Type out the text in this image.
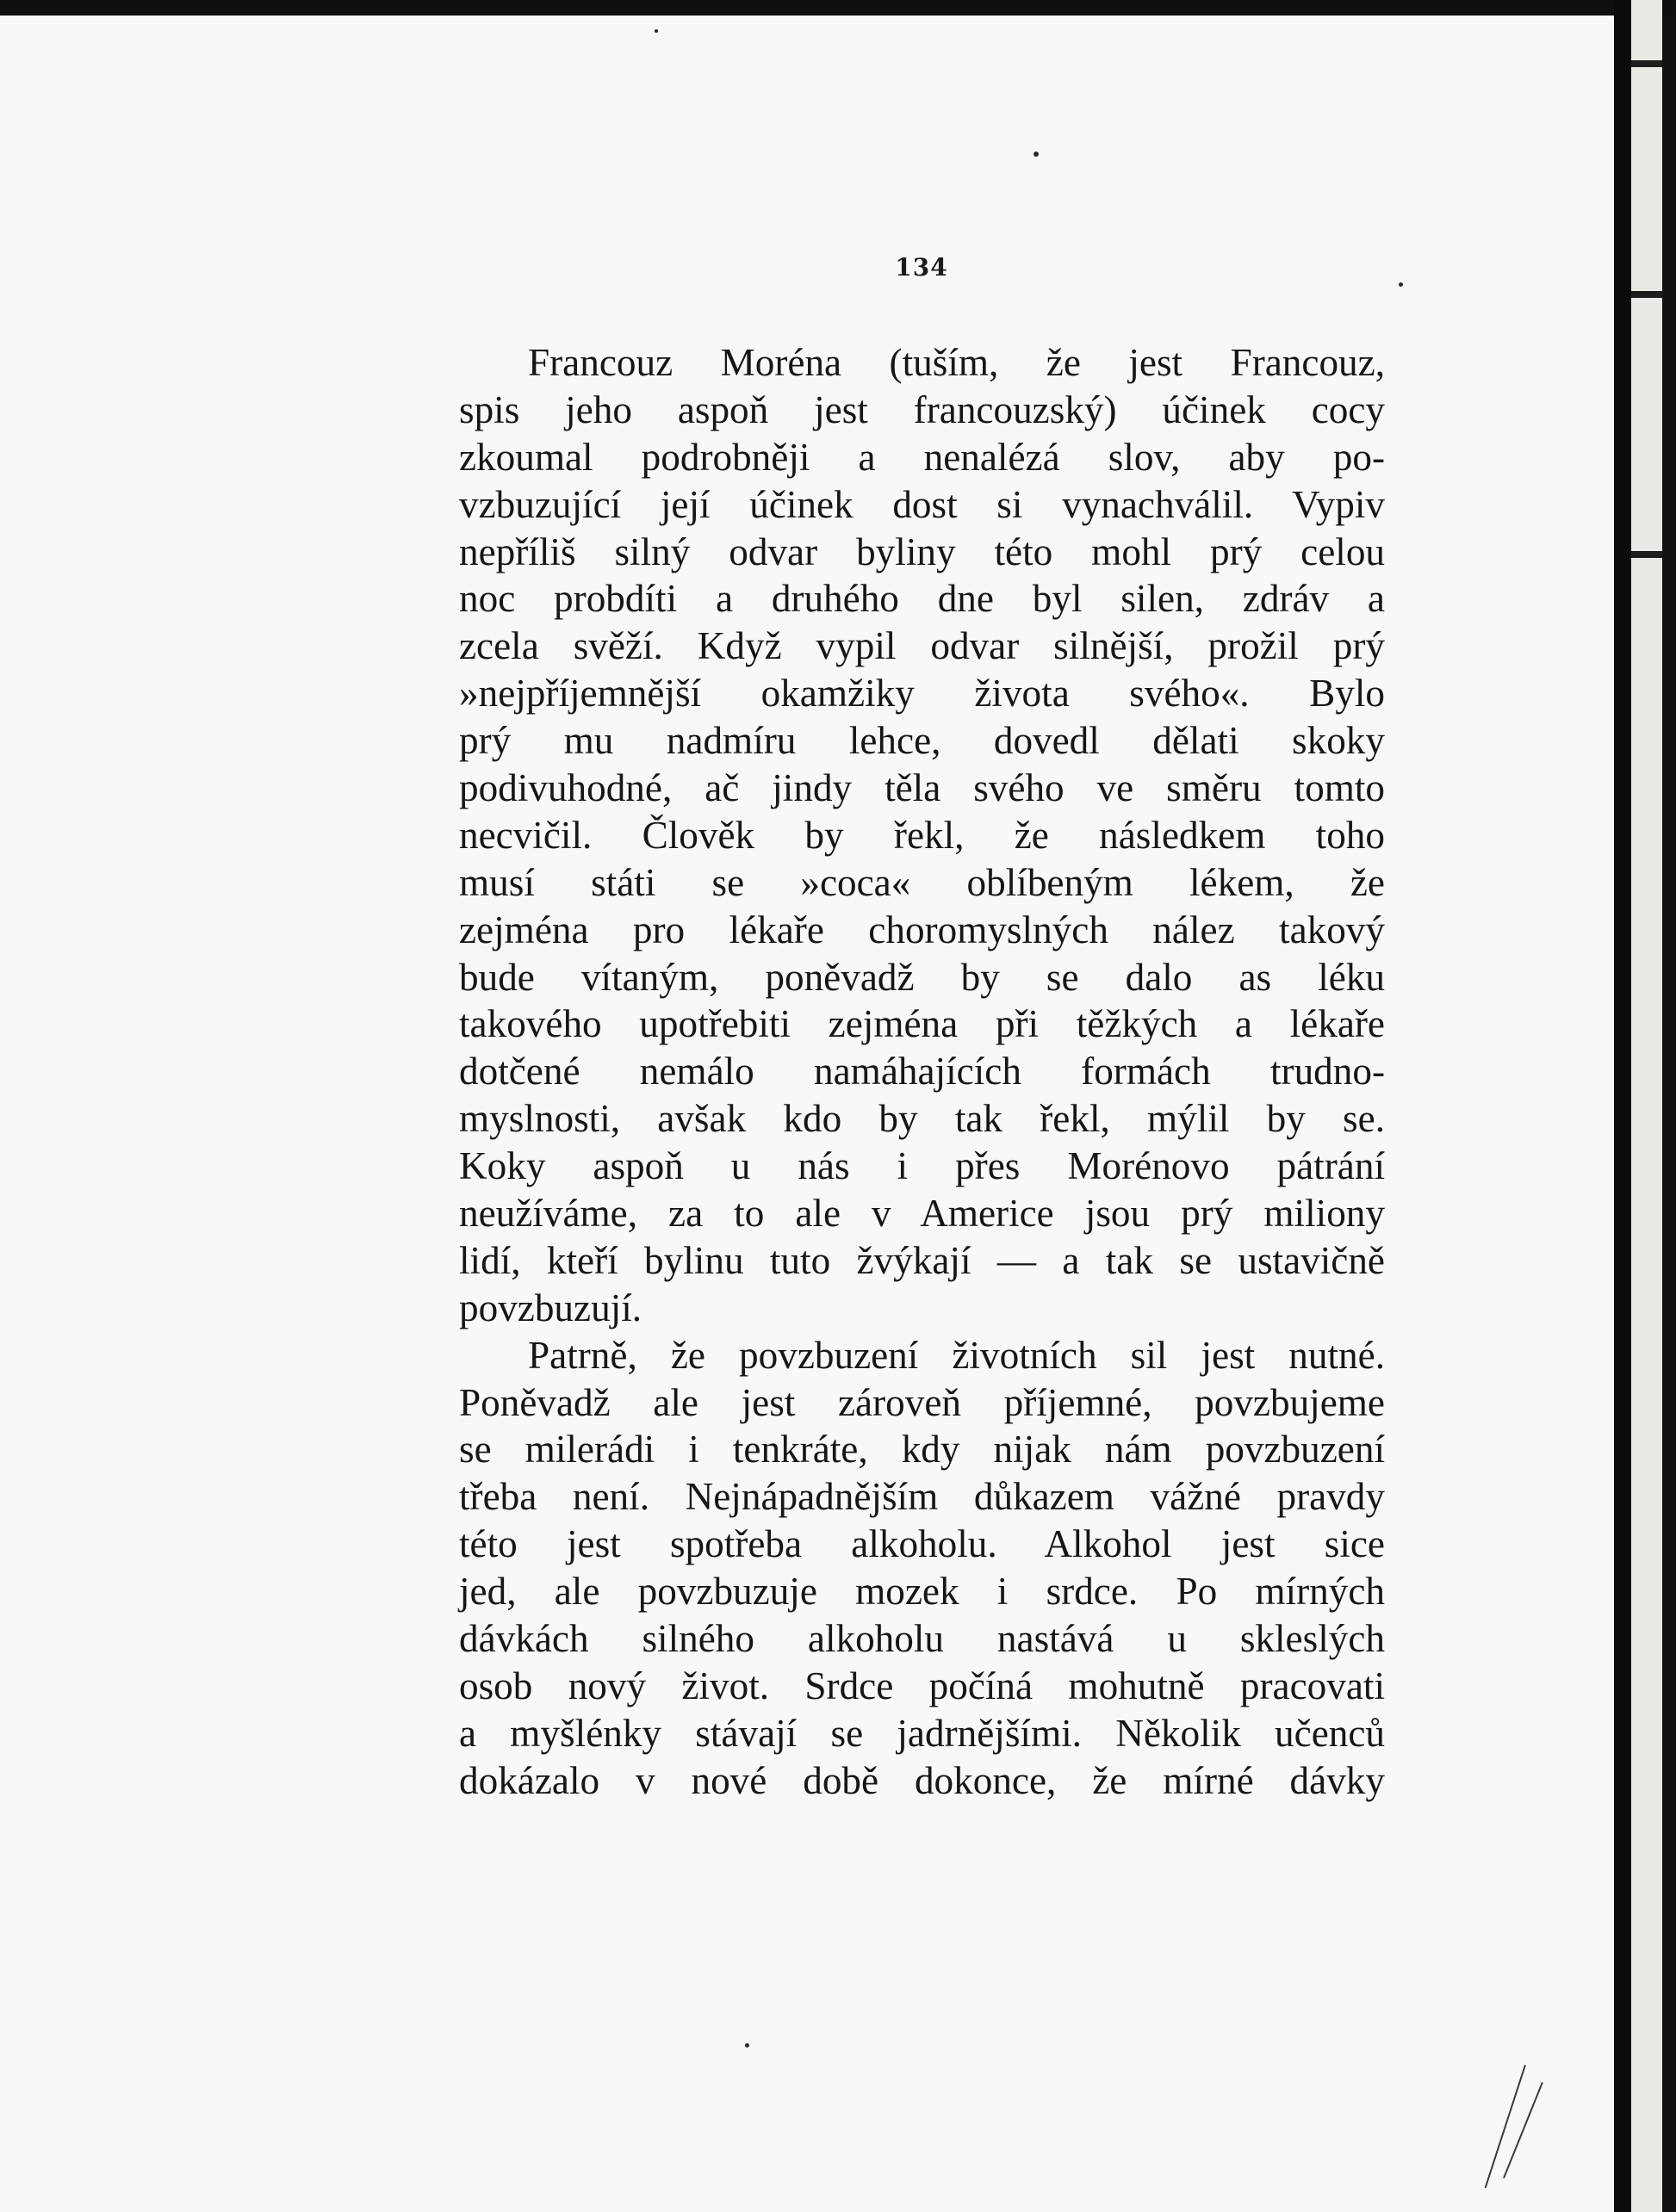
134
Francouz Moréna (tuším, že jest Francouz,
spis jeho aspoň jest francouzský) účinek cocy
zkoumal podrobněji a nenalézá slov, aby po-
vzbuzující její účinek dost si vynachválil. Vypiv
nepříliš silný odvar byliny této mohl prý celou
noc probdíti a druhého dne byl silen, zdráv a
zcela svěží. Když vypil odvar silnější, prožil prý
»nejpříjemnější okamžiky života svého«. Bylo
prý mu nadmíru lehce, dovedl dělati skoky
podivuhodné, ač jindy těla svého ve směru tomto
necvičil. Člověk by řekl, že následkem toho
musí státi se »coca« oblíbeným lékem, že
zejména pro lékaře choromyslných nález takový
bude vítaným, poněvadž by se dalo as léku
takového upotřebiti zejména při těžkých a lékaře
dotčené nemálo namáhajících formách trudno-
myslnosti, avšak kdo by tak řekl, mýlil by se.
Koky aspoň u nás i přes Morénovo pátrání
neužíváme, za to ale v Americe jsou prý miliony
lidí, kteří bylinu tuto žvýkají — a tak se ustavičně
povzbuzují.
Patrně, že povzbuzení životních sil jest nutné.
Poněvadž ale jest zároveň příjemné, povzbujeme
se milerádi i tenkráte, kdy nijak nám povzbuzení
třeba není. Nejnápadnějším důkazem vážné pravdy
této jest spotřeba alkoholu. Alkohol jest sice
jed, ale povzbuzuje mozek i srdce. Po mírných
dávkách silného alkoholu nastává u skleslých
osob nový život. Srdce počíná mohutně pracovati
a myšlénky stávají se jadrnějšími. Několik učenců
dokázalo v nové době dokonce, že mírné dávky
